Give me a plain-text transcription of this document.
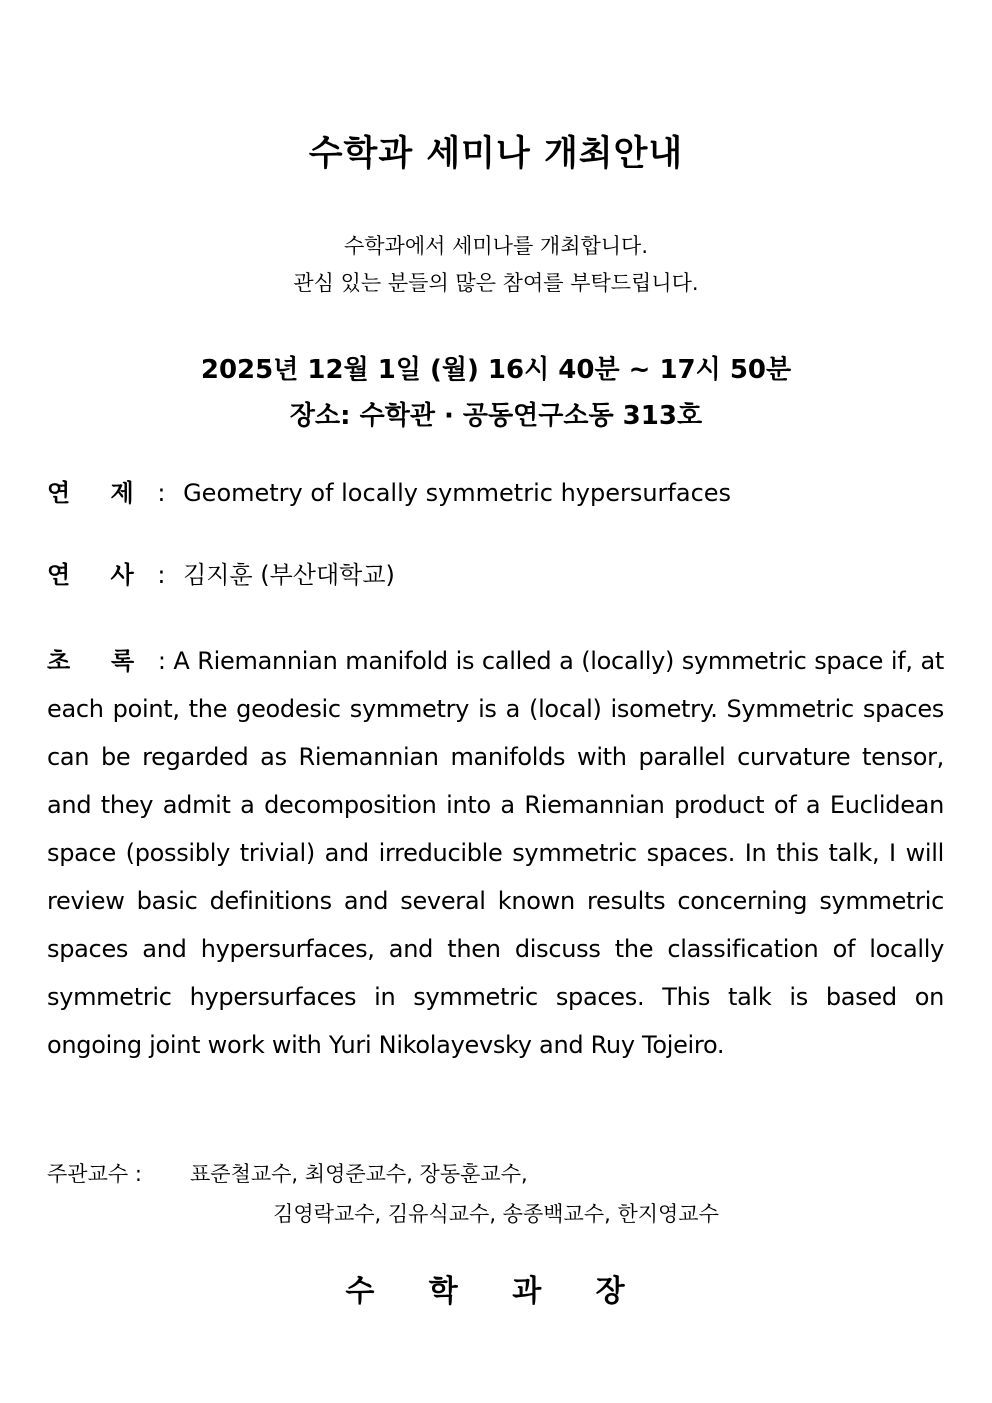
수학과 세미나 개최안내
수학과에서 세미나를 개최합니다.
관심 있는 분들의 많은 참여를 부탁드립니다.
2025년 12월 1일 (월) 16시 40분 ~ 17시 50분
장소: 수학관 · 공동연구소동 313호
연 제 : Geometry of locally symmetric hypersurfaces
연 사 : 김지훈 (부산대학교)
초 록 : A Riemannian manifold is called a (locally) symmetric space if, at each point, the geodesic symmetry is a (local) isometry. Symmetric spaces can be regarded as Riemannian manifolds with parallel curvature tensor, and they admit a decomposition into a Riemannian product of a Euclidean space (possibly trivial) and irreducible symmetric spaces. In this talk, I will review basic definitions and several known results concerning symmetric spaces and hypersurfaces, and then discuss the classification of locally symmetric hypersurfaces in symmetric spaces. This talk is based on ongoing joint work with Yuri Nikolayevsky and Ruy Tojeiro.
주관교수 : 표준철교수, 최영준교수, 장동훈교수,
김영락교수, 김유식교수, 송종백교수, 한지영교수
수 학 과 장
